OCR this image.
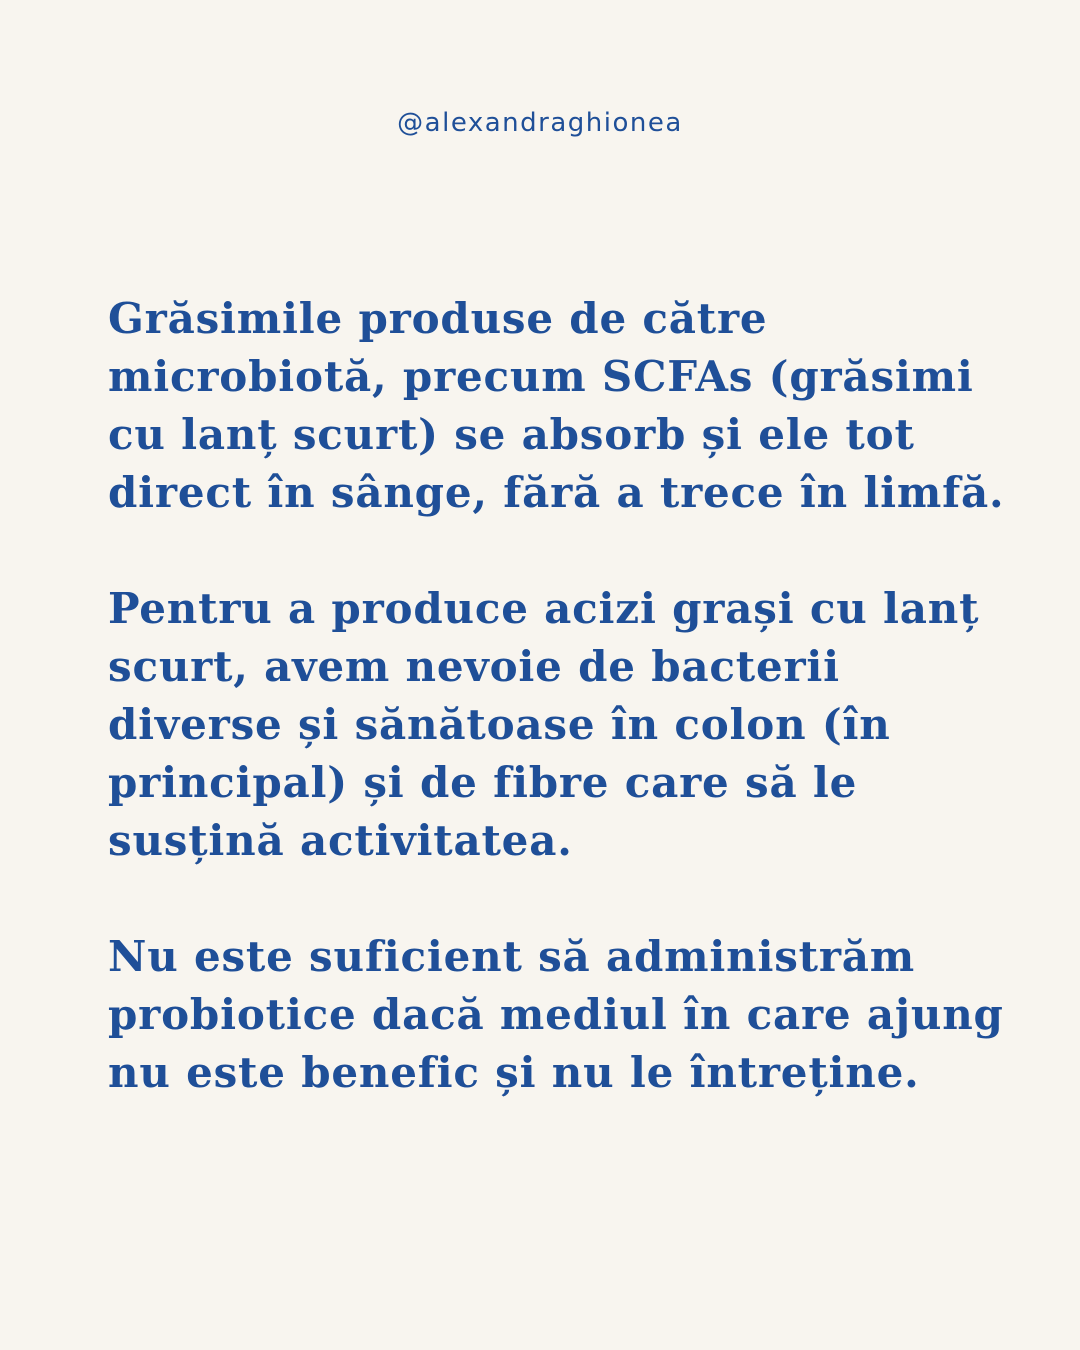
@alexandraghionea

Grăsimile produse de către
microbiotă, precum SCFAs (grăsimi
cu lanț scurt) se absorb și ele tot
direct în sânge, fără a trece în limfă.

Pentru a produce acizi grași cu lanț
scurt, avem nevoie de bacterii
diverse și sănătoase în colon (în
principal) și de fibre care să le
susțină activitatea.

Nu este suficient să administrăm
probiotice dacă mediul în care ajung
nu este benefic și nu le întreține.
